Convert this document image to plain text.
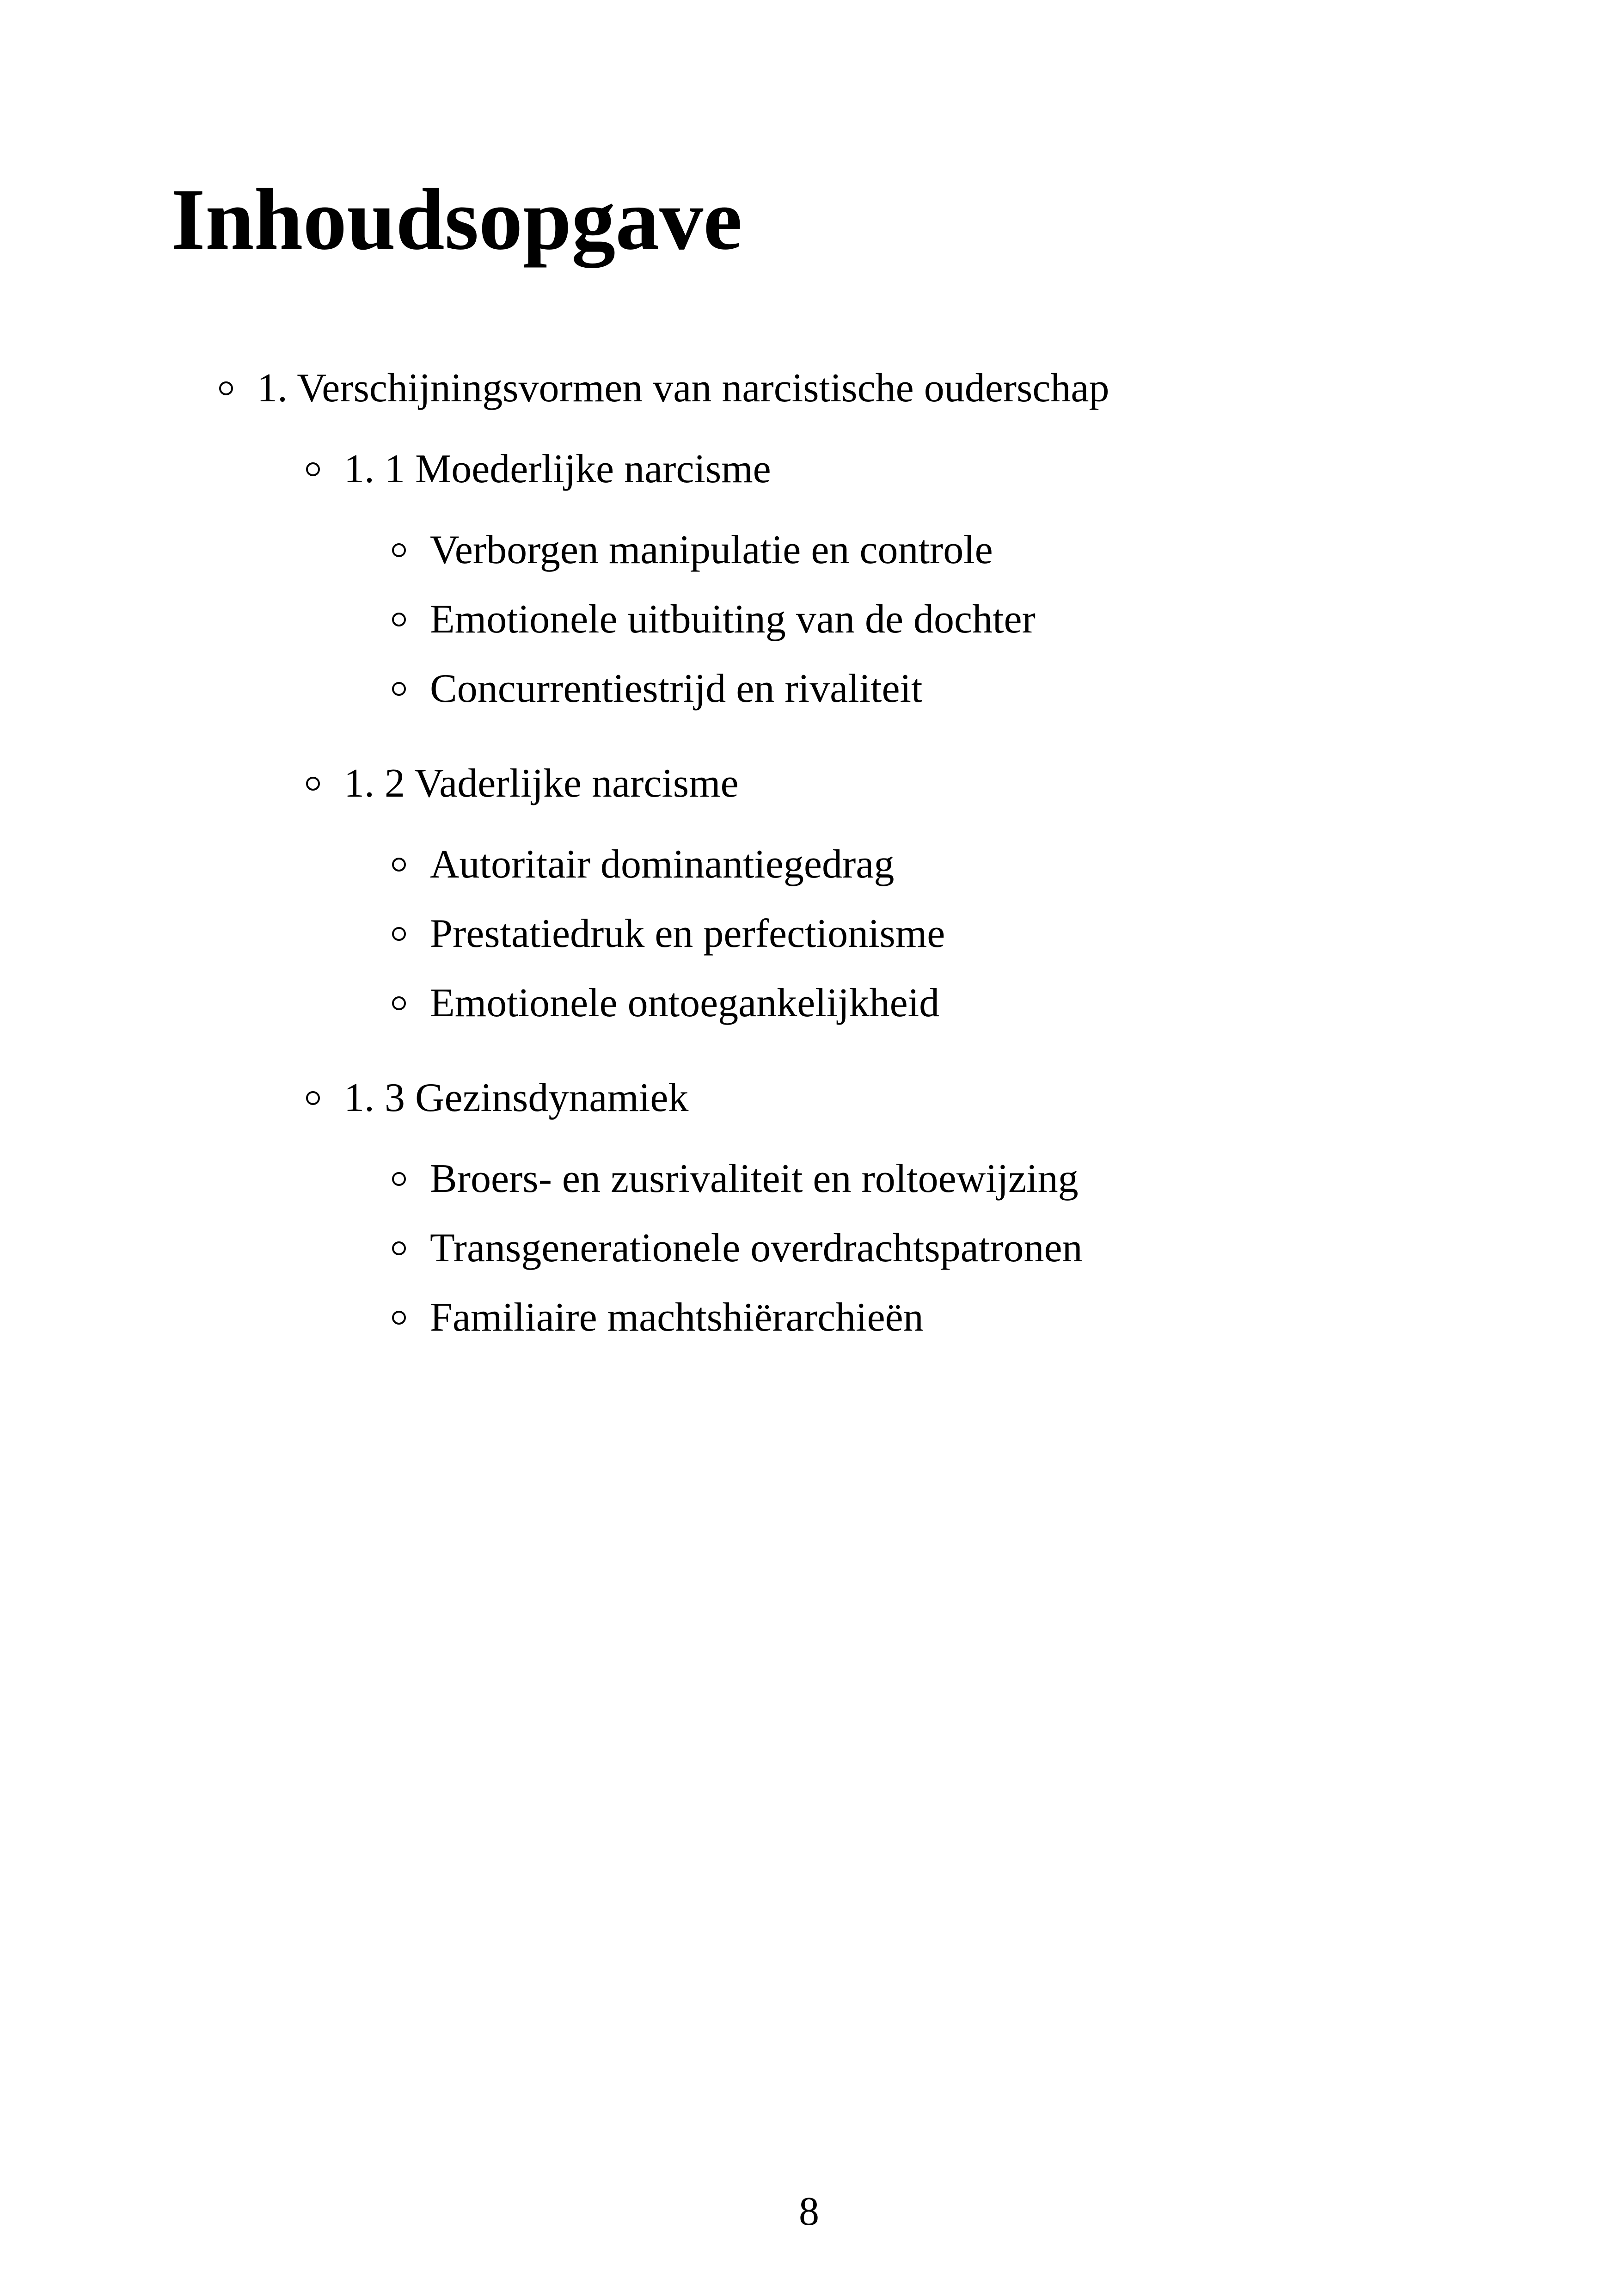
Inhoudsopgave
1. Verschijningsvormen van narcistische ouderschap
1. 1 Moederlijke narcisme
Verborgen manipulatie en controle
Emotionele uitbuiting van de dochter
Concurrentiestrijd en rivaliteit
1. 2 Vaderlijke narcisme
Autoritair dominantiegedrag
Prestatiedruk en perfectionisme
Emotionele ontoegankelijkheid
1. 3 Gezinsdynamiek
Broers- en zusrivaliteit en roltoewijzing
Transgenerationele overdrachtspatronen
Familiaire machtshiërarchieën
8
